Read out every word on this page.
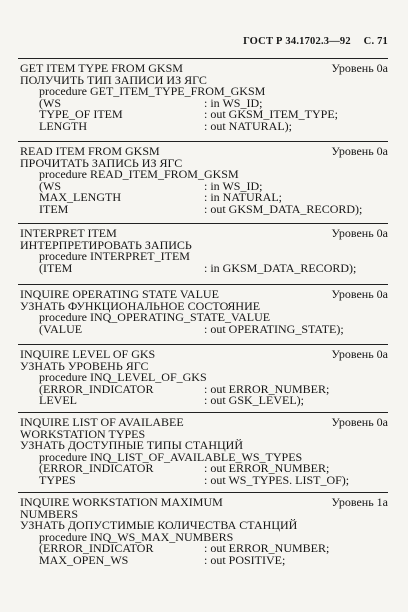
ГОСТ Р 34.1702.3—92 С. 71
GET ITEM TYPE FROM GKSM	Уровень 0а
ПОЛУЧИТЬ ТИП ЗАПИСИ ИЗ ЯГС
procedure GET_ITEM_TYPE_FROM_GKSM
(WS	: in WS_ID;
TYPE_OF ITEM	: out GKSM_ITEM_TYPE;
LENGTH	: out NATURAL);
READ ITEM FROM GKSM	Уровень 0а
ПРОЧИТАТЬ ЗАПИСЬ ИЗ ЯГС
procedure READ_ITEM_FROM_GKSM
(WS	: in WS_ID;
MAX_LENGTH	: in NATURAL;
ITEM	: out GKSM_DATA_RECORD);
INTERPRET ITEM	Уровень 0а
ИНТЕРПРЕТИРОВАТЬ ЗАПИСЬ
procedure INTERPRET_ITEM
(ITEM	: in GKSM_DATA_RECORD);
INQUIRE OPERATING STATE VALUE	Уровень 0а
УЗНАТЬ ФУНКЦИОНАЛЬНОЕ СОСТОЯНИЕ
procedure INQ_OPERATING_STATE_VALUE
(VALUE	: out OPERATING_STATE);
INQUIRE LEVEL OF GKS	Уровень 0а
УЗНАТЬ УРОВЕНЬ ЯГС
procedure INQ_LEVEL_OF_GKS
(ERROR_INDICATOR	: out ERROR_NUMBER;
LEVEL	: out GSK_LEVEL);
INQUIRE LIST OF AVAILABEE	Уровень 0а
WORKSTATION TYPES
УЗНАТЬ ДОСТУПНЫЕ ТИПЫ СТАНЦИЙ
procedure INQ_LIST_OF_AVAILABLE_WS_TYPES
(ERROR_INDICATOR	: out ERROR_NUMBER;
TYPES	: out WS_TYPES. LIST_OF);
INQUIRE WORKSTATION MAXIMUM	Уровень 1а
NUMBERS
УЗНАТЬ ДОПУСТИМЫЕ КОЛИЧЕСТВА СТАНЦИЙ
procedure INQ_WS_MAX_NUMBERS
(ERROR_INDICATOR	: out ERROR_NUMBER;
MAX_OPEN_WS	: out POSITIVE;
